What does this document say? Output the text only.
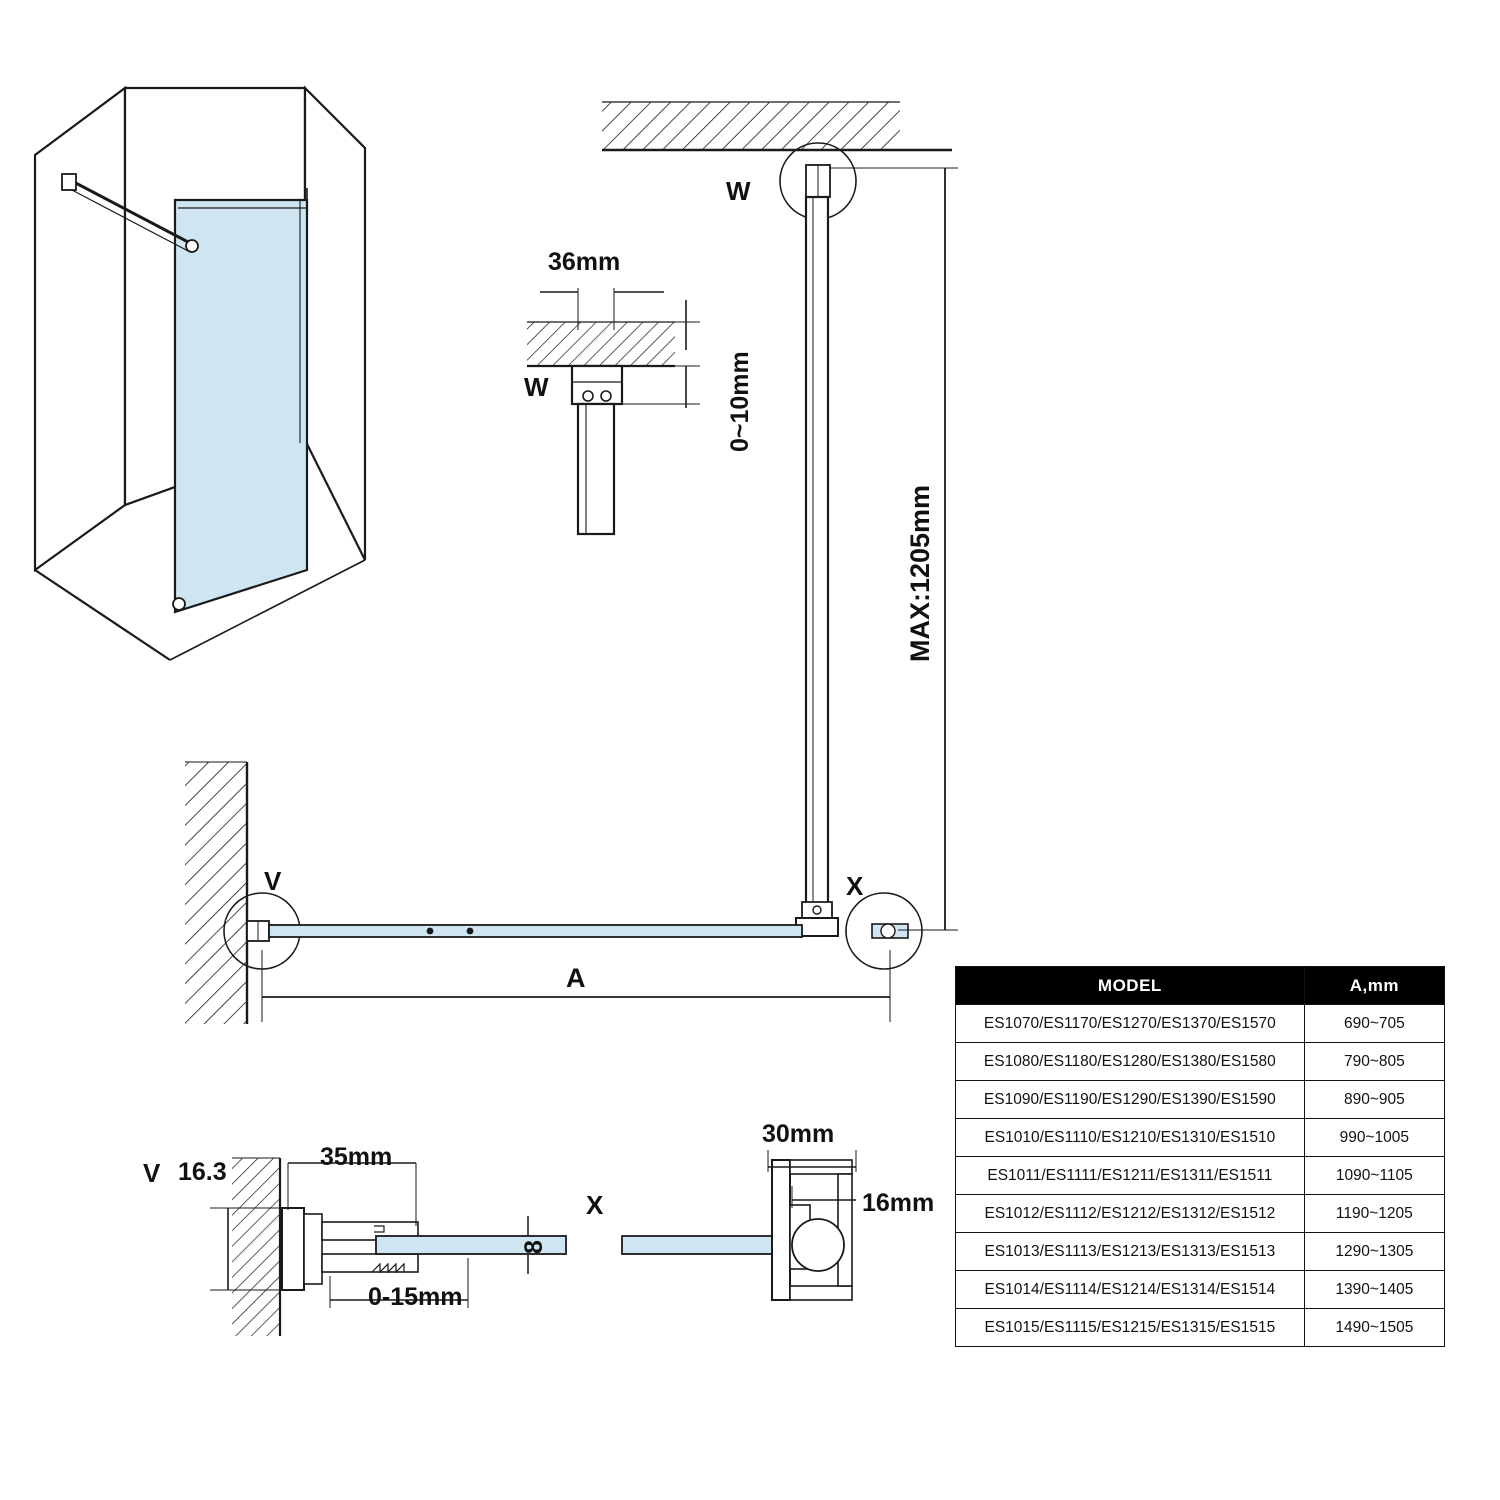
W
W
V	X
V
X
36mm
0~10mm
MAX:1205mm
A
35mm
16.3
0-15mm
8
30mm
16mm
MODEL	A,mm
ES1070/ES1170/ES1270/ES1370/ES1570	690~705
ES1080/ES1180/ES1280/ES1380/ES1580	790~805
ES1090/ES1190/ES1290/ES1390/ES1590	890~905
ES1010/ES1110/ES1210/ES1310/ES1510	990~1005
ES1011/ES1111/ES1211/ES1311/ES1511	1090~1105
ES1012/ES1112/ES1212/ES1312/ES1512	1190~1205
ES1013/ES1113/ES1213/ES1313/ES1513	1290~1305
ES1014/ES1114/ES1214/ES1314/ES1514	1390~1405
ES1015/ES1115/ES1215/ES1315/ES1515	1490~1505
